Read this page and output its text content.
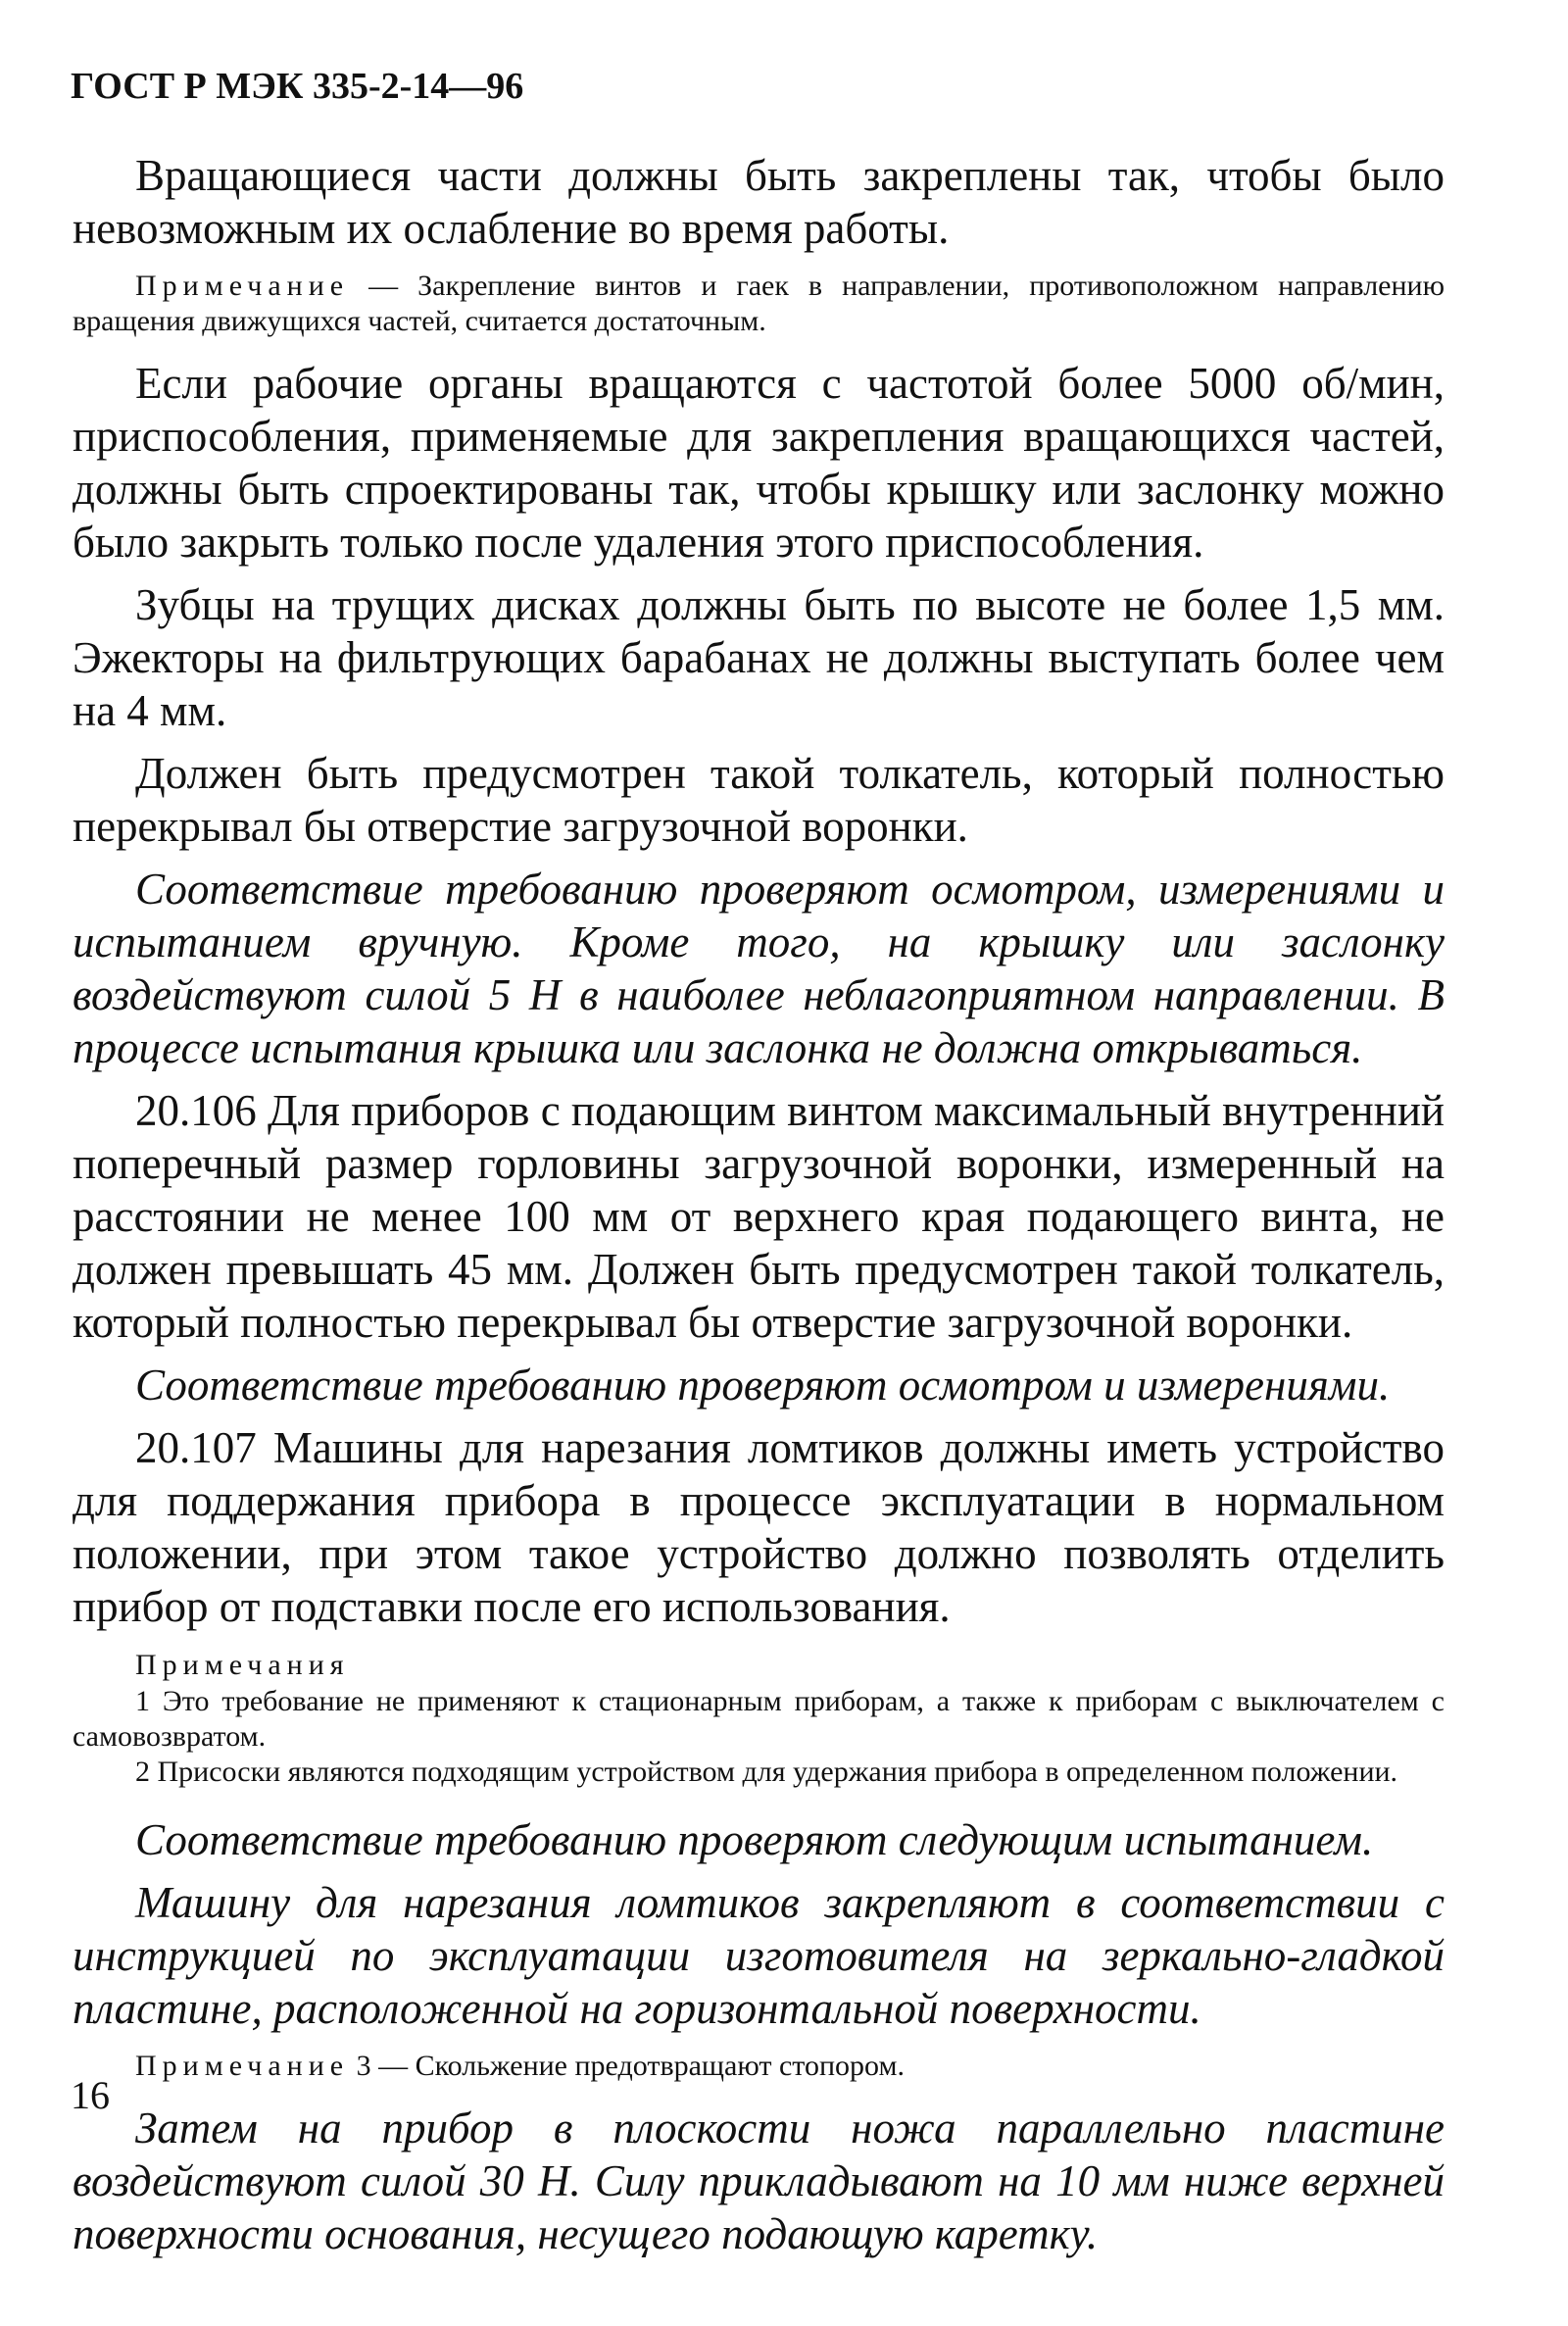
ГОСТ Р МЭК 335-2-14—96

Вращающиеся части должны быть закреплены так, чтобы было невозможным их ослабление во время работы.

Примечание — Закрепление винтов и гаек в направлении, противоположном направлению вращения движущихся частей, считается достаточным.

Если рабочие органы вращаются с частотой более 5000 об/мин, приспособления, применяемые для закрепления вращающихся частей, должны быть спроектированы так, чтобы крышку или заслонку можно было закрыть только после удаления этого приспособления.

Зубцы на трущих дисках должны быть по высоте не более 1,5 мм. Эжекторы на фильтрующих барабанах не должны выступать более чем на 4 мм.

Должен быть предусмотрен такой толкатель, который полностью перекрывал бы отверстие загрузочной воронки.

Соответствие требованию проверяют осмотром, измерениями и испытанием вручную. Кроме того, на крышку или заслонку воздействуют силой 5 Н в наиболее неблагоприятном направлении. В процессе испытания крышка или заслонка не должна открываться.

20.106 Для приборов с подающим винтом максимальный внутренний поперечный размер горловины загрузочной воронки, измеренный на расстоянии не менее 100 мм от верхнего края подающего винта, не должен превышать 45 мм. Должен быть предусмотрен такой толкатель, который полностью перекрывал бы отверстие загрузочной воронки.

Соответствие требованию проверяют осмотром и измерениями.

20.107 Машины для нарезания ломтиков должны иметь устройство для поддержания прибора в процессе эксплуатации в нормальном положении, при этом такое устройство должно позволять отделить прибор от подставки после его использования.

Примечания

1 Это требование не применяют к стационарным приборам, а также к приборам с выключателем с самовозвратом.

2 Присоски являются подходящим устройством для удержания прибора в определенном положении.

Соответствие требованию проверяют следующим испытанием.

Машину для нарезания ломтиков закрепляют в соответствии с инструкцией по эксплуатации изготовителя на зеркально-гладкой пластине, расположенной на горизонтальной поверхности.

Примечание 3 — Скольжение предотвращают стопором.

Затем на прибор в плоскости ножа параллельно пластине воздействуют силой 30 Н. Силу прикладывают на 10 мм ниже верхней поверхности основания, несущего подающую каретку.

16
